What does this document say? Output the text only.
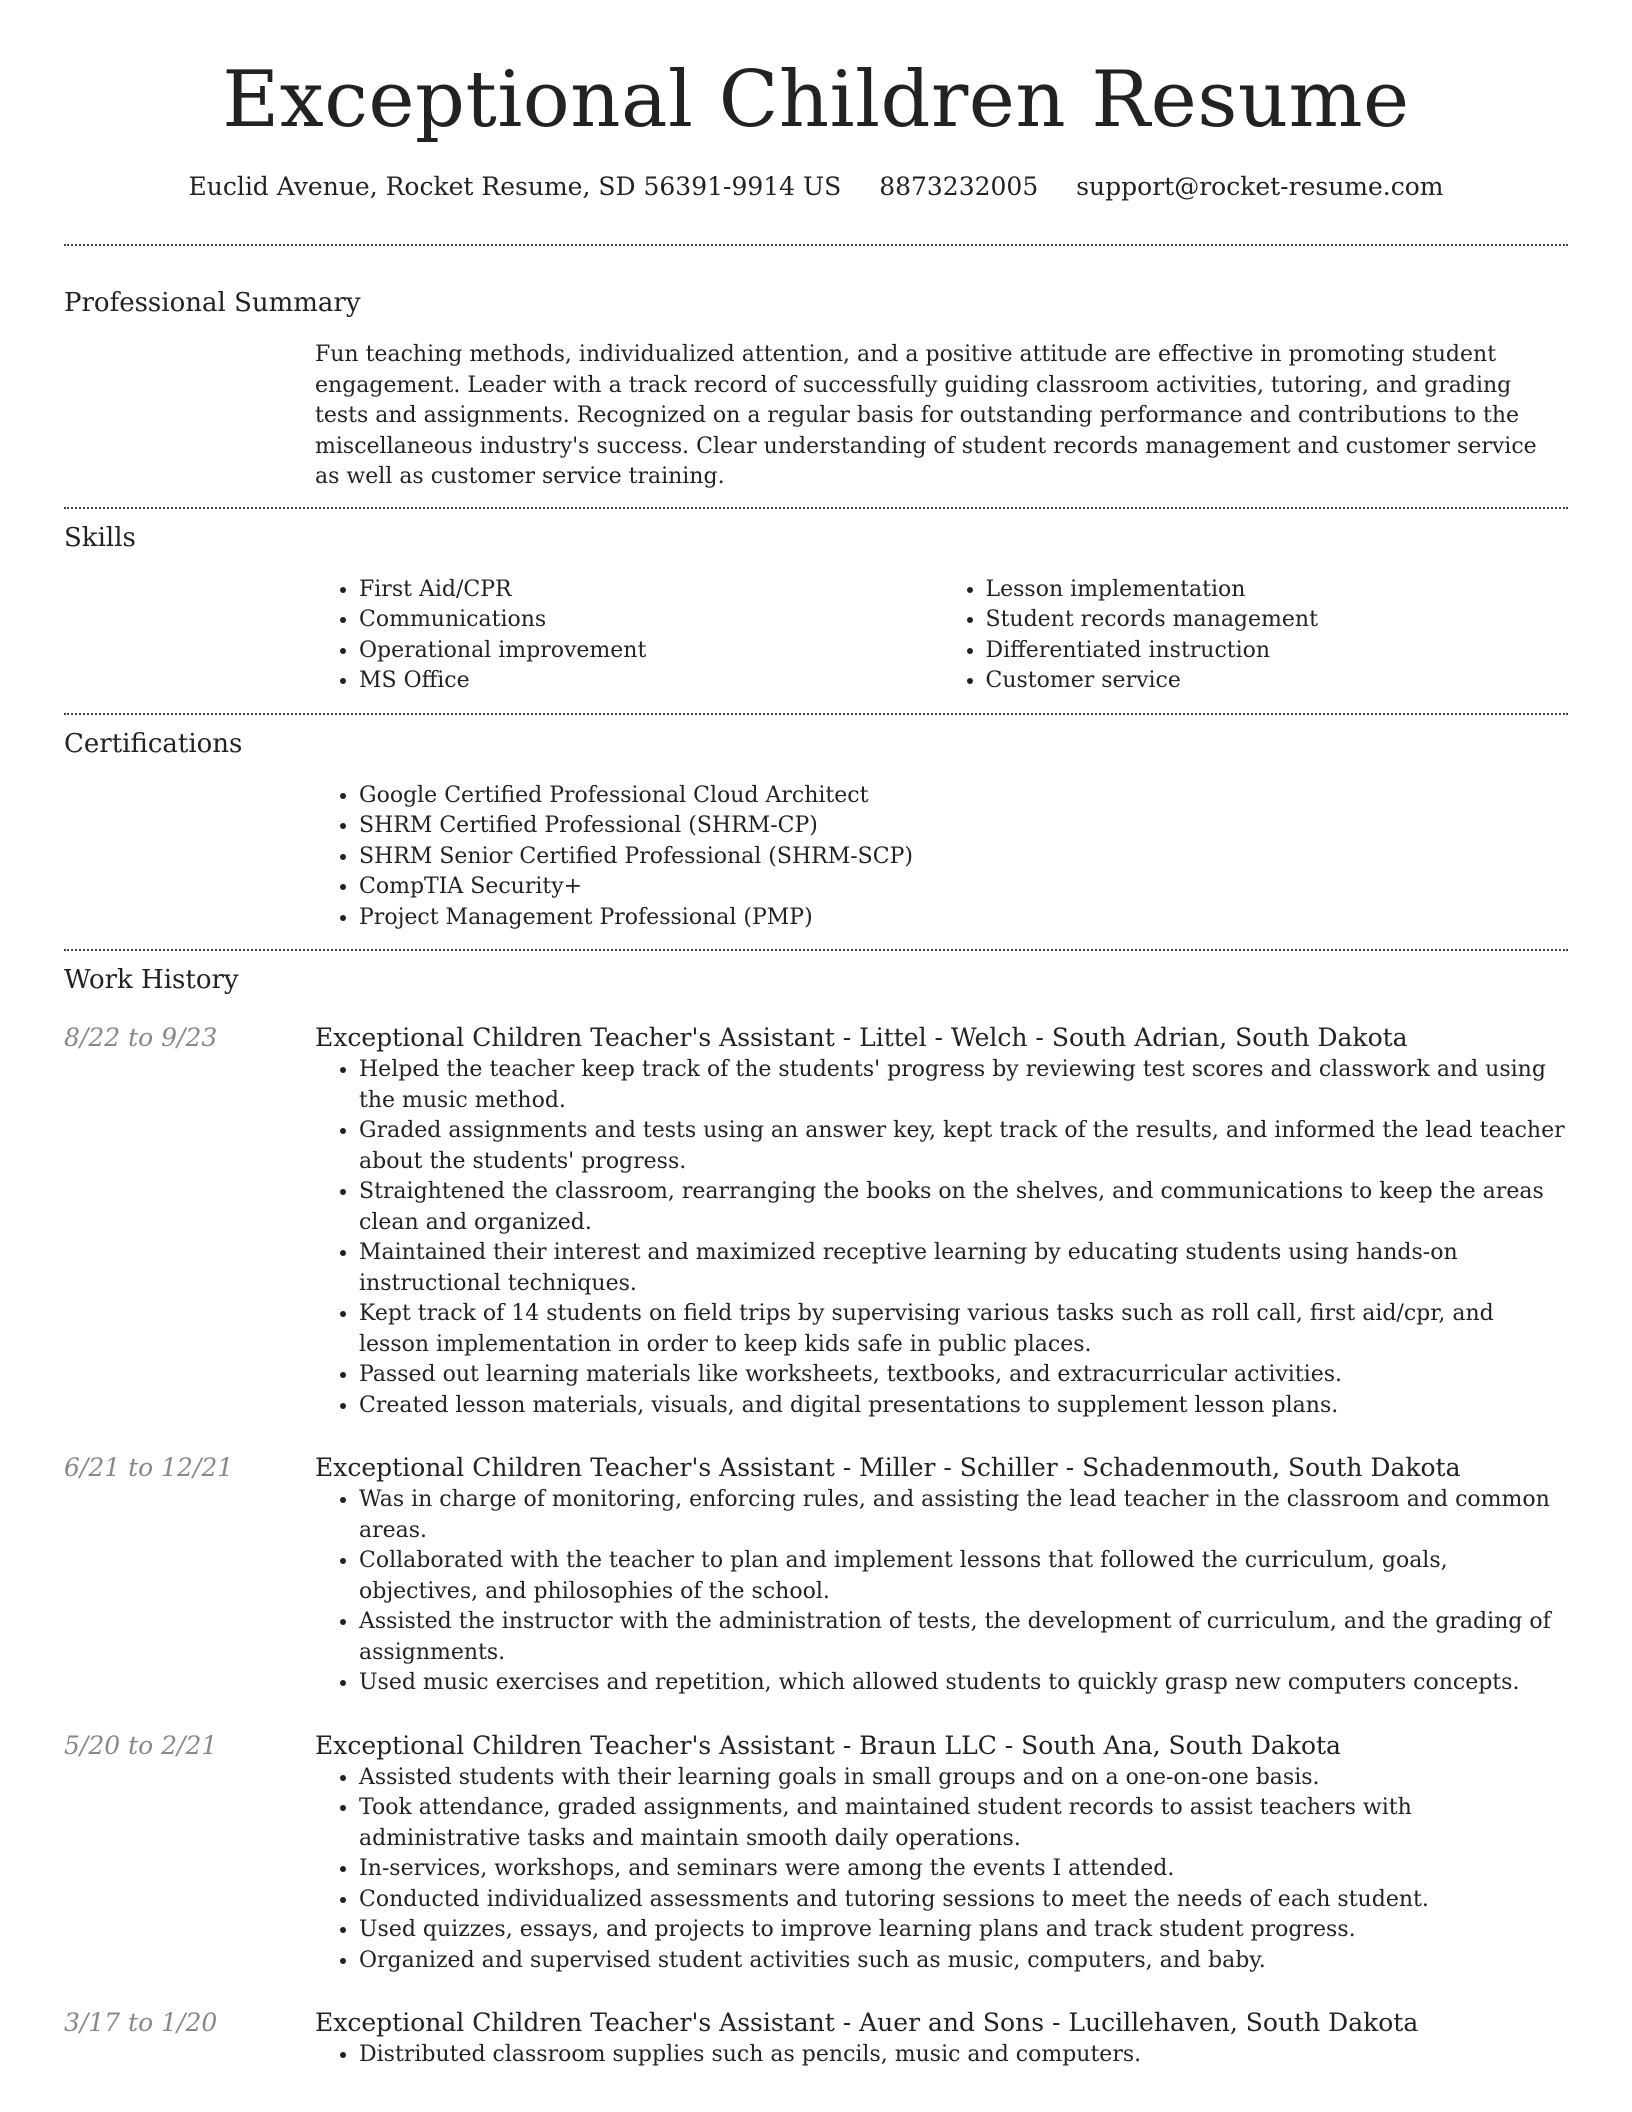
Exceptional Children Resume
Euclid Avenue, Rocket Resume, SD 56391-9914 US 8873232005 support@rocket-resume.com
Professional Summary
Fun teaching methods, individualized attention, and a positive attitude are effective in promoting student engagement. Leader with a track record of successfully guiding classroom activities, tutoring, and grading tests and assignments. Recognized on a regular basis for outstanding performance and contributions to the miscellaneous industry's success. Clear understanding of student records management and customer service as well as customer service training.
Skills
• First Aid/CPR
• Communications
• Operational improvement
• MS Office
• Lesson implementation
• Student records management
• Differentiated instruction
• Customer service
Certifications
• Google Certified Professional Cloud Architect
• SHRM Certified Professional (SHRM-CP)
• SHRM Senior Certified Professional (SHRM-SCP)
• CompTIA Security+
• Project Management Professional (PMP)
Work History
8/22 to 9/23	Exceptional Children Teacher's Assistant - Littel - Welch - South Adrian, South Dakota
• Helped the teacher keep track of the students' progress by reviewing test scores and classwork and using the music method.
• Graded assignments and tests using an answer key, kept track of the results, and informed the lead teacher about the students' progress.
• Straightened the classroom, rearranging the books on the shelves, and communications to keep the areas clean and organized.
• Maintained their interest and maximized receptive learning by educating students using hands-on instructional techniques.
• Kept track of 14 students on field trips by supervising various tasks such as roll call, first aid/cpr, and lesson implementation in order to keep kids safe in public places.
• Passed out learning materials like worksheets, textbooks, and extracurricular activities.
• Created lesson materials, visuals, and digital presentations to supplement lesson plans.
6/21 to 12/21	Exceptional Children Teacher's Assistant - Miller - Schiller - Schadenmouth, South Dakota
• Was in charge of monitoring, enforcing rules, and assisting the lead teacher in the classroom and common areas.
• Collaborated with the teacher to plan and implement lessons that followed the curriculum, goals, objectives, and philosophies of the school.
• Assisted the instructor with the administration of tests, the development of curriculum, and the grading of assignments.
• Used music exercises and repetition, which allowed students to quickly grasp new computers concepts.
5/20 to 2/21	Exceptional Children Teacher's Assistant - Braun LLC - South Ana, South Dakota
• Assisted students with their learning goals in small groups and on a one-on-one basis.
• Took attendance, graded assignments, and maintained student records to assist teachers with administrative tasks and maintain smooth daily operations.
• In-services, workshops, and seminars were among the events I attended.
• Conducted individualized assessments and tutoring sessions to meet the needs of each student.
• Used quizzes, essays, and projects to improve learning plans and track student progress.
• Organized and supervised student activities such as music, computers, and baby.
3/17 to 1/20	Exceptional Children Teacher's Assistant - Auer and Sons - Lucillehaven, South Dakota
• Distributed classroom supplies such as pencils, music and computers.
